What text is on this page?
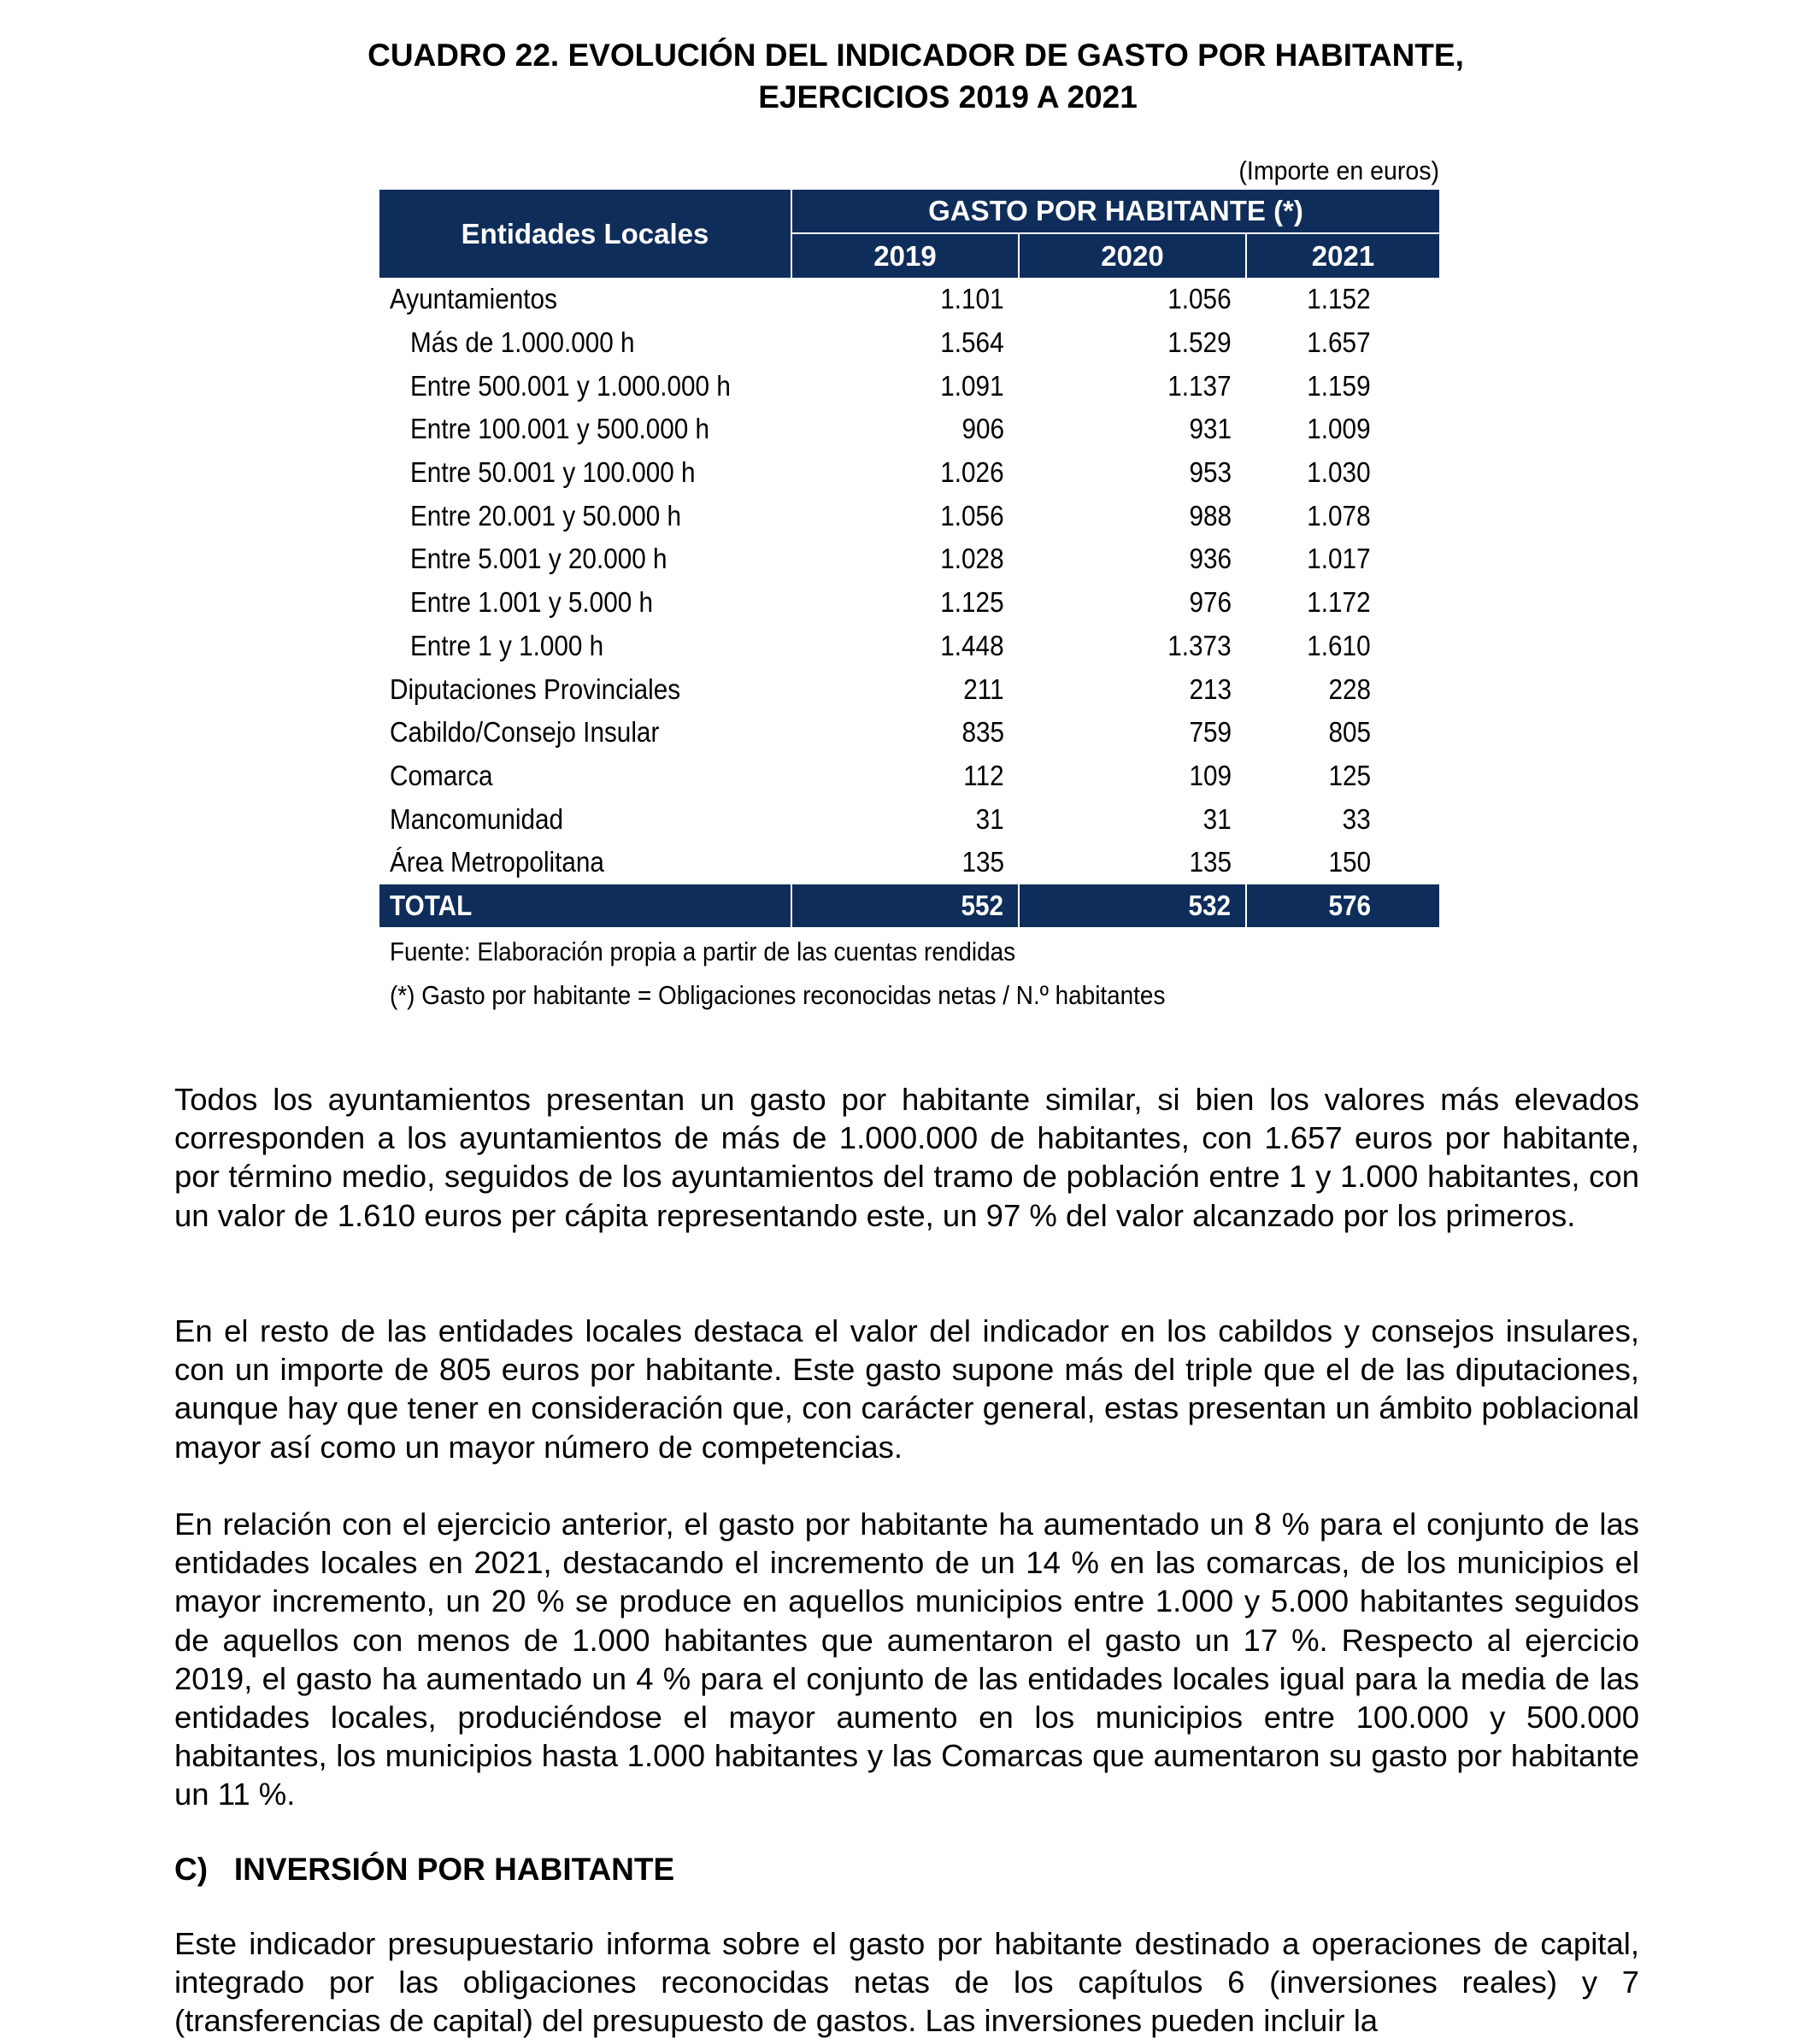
CUADRO 22. EVOLUCIÓN DEL INDICADOR DE GASTO POR HABITANTE,
EJERCICIOS 2019 A 2021
(Importe en euros)
Entidades Locales	GASTO POR HABITANTE (*)		
	2019	2020	2021
Ayuntamientos	1.101	1.056	1.152
Más de 1.000.000 h	1.564	1.529	1.657
Entre 500.001 y 1.000.000 h	1.091	1.137	1.159
Entre 100.001 y 500.000 h	906	931	1.009
Entre 50.001 y 100.000 h	1.026	953	1.030
Entre 20.001 y 50.000 h	1.056	988	1.078
Entre 5.001 y 20.000 h	1.028	936	1.017
Entre 1.001 y 5.000 h	1.125	976	1.172
Entre 1 y 1.000 h	1.448	1.373	1.610
Diputaciones Provinciales	211	213	228
Cabildo/Consejo Insular	835	759	805
Comarca	112	109	125
Mancomunidad	31	31	33
Área Metropolitana	135	135	150
TOTAL	552	532	576
Fuente: Elaboración propia a partir de las cuentas rendidas
(*) Gasto por habitante = Obligaciones reconocidas netas / N.º habitantes

Todos los ayuntamientos presentan un gasto por habitante similar, si bien los valores más elevados corresponden a los ayuntamientos de más de 1.000.000 de habitantes, con 1.657 euros por habitante, por término medio, seguidos de los ayuntamientos del tramo de población entre 1 y 1.000 habitantes, con un valor de 1.610 euros per cápita representando este, un 97 % del valor alcanzado por los primeros.

En el resto de las entidades locales destaca el valor del indicador en los cabildos y consejos insulares, con un importe de 805 euros por habitante. Este gasto supone más del triple que el de las diputaciones, aunque hay que tener en consideración que, con carácter general, estas presentan un ámbito poblacional mayor así como un mayor número de competencias.

En relación con el ejercicio anterior, el gasto por habitante ha aumentado un 8 % para el conjunto de las entidades locales en 2021, destacando el incremento de un 14 % en las comarcas, de los municipios el mayor incremento, un 20 % se produce en aquellos municipios entre 1.000 y 5.000 habitantes seguidos de aquellos con menos de 1.000 habitantes que aumentaron el gasto un 17 %. Respecto al ejercicio 2019, el gasto ha aumentado un 4 % para el conjunto de las entidades locales igual para la media de las entidades locales, produciéndose el mayor aumento en los municipios entre 100.000 y 500.000 habitantes, los municipios hasta 1.000 habitantes y las Comarcas que aumentaron su gasto por habitante un 11 %.

C)   INVERSIÓN POR HABITANTE

Este indicador presupuestario informa sobre el gasto por habitante destinado a operaciones de capital, integrado por las obligaciones reconocidas netas de los capítulos 6 (inversiones reales) y 7 (transferencias de capital) del presupuesto de gastos. Las inversiones pueden incluir la
